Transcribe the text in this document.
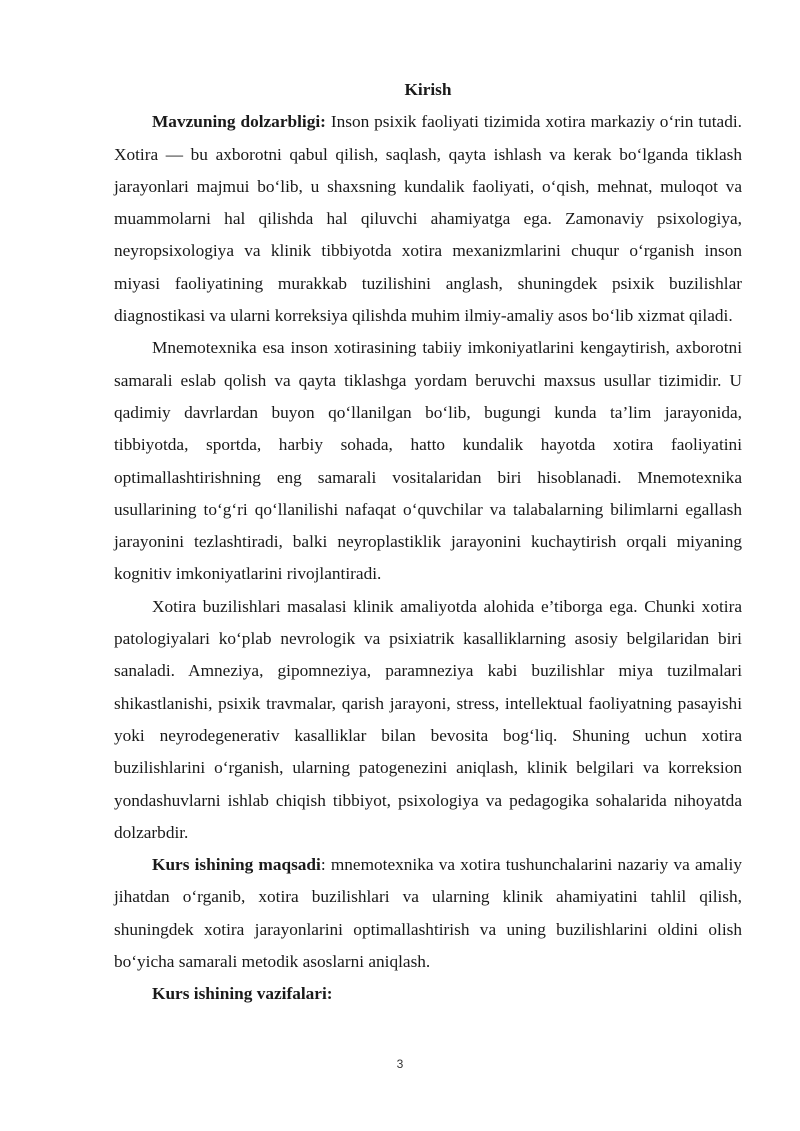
Kirish

Mavzuning dolzarbligi: Inson psixik faoliyati tizimida xotira markaziy o‘rin tutadi. Xotira — bu axborotni qabul qilish, saqlash, qayta ishlash va kerak bo‘lganda tiklash jarayonlari majmui bo‘lib, u shaxsning kundalik faoliyati, o‘qish, mehnat, muloqot va muammolarni hal qilishda hal qiluvchi ahamiyatga ega. Zamonaviy psixologiya, neyropsixologiya va klinik tibbiyotda xotira mexanizmlarini chuqur o‘rganish inson miyasi faoliyatining murakkab tuzilishini anglash, shuningdek psixik buzilishlar diagnostikasi va ularni korreksiya qilishda muhim ilmiy-amaliy asos bo‘lib xizmat qiladi.

Mnemotexnika esa inson xotirasining tabiiy imkoniyatlarini kengaytirish, axborotni samarali eslab qolish va qayta tiklashga yordam beruvchi maxsus usullar tizimidir. U qadimiy davrlardan buyon qo‘llanilgan bo‘lib, bugungi kunda ta’lim jarayonida, tibbiyotda, sportda, harbiy sohada, hatto kundalik hayotda xotira faoliyatini optimallashtirishning eng samarali vositalaridan biri hisoblanadi. Mnemotexnika usullarining to‘g‘ri qo‘llanilishi nafaqat o‘quvchilar va talabalarning bilimlarni egallash jarayonini tezlashtiradi, balki neyroplastiklik jarayonini kuchaytirish orqali miyaning kognitiv imkoniyatlarini rivojlantiradi.

Xotira buzilishlari masalasi klinik amaliyotda alohida e’tiborga ega. Chunki xotira patologiyalari ko‘plab nevrologik va psixiatrik kasalliklarning asosiy belgilaridan biri sanaladi. Amneziya, gipomneziya, paramneziya kabi buzilishlar miya tuzilmalari shikastlanishi, psixik travmalar, qarish jarayoni, stress, intellektual faoliyatning pasayishi yoki neyrodegenerativ kasalliklar bilan bevosita bog‘liq. Shuning uchun xotira buzilishlarini o‘rganish, ularning patogenezini aniqlash, klinik belgilari va korreksion yondashuvlarni ishlab chiqish tibbiyot, psixologiya va pedagogika sohalarida nihoyatda dolzarbdir.

Kurs ishining maqsadi: mnemotexnika va xotira tushunchalarini nazariy va amaliy jihatdan o‘rganib, xotira buzilishlari va ularning klinik ahamiyatini tahlil qilish, shuningdek xotira jarayonlarini optimallashtirish va uning buzilishlarini oldini olish bo‘yicha samarali metodik asoslarni aniqlash.

Kurs ishining vazifalari:

3
